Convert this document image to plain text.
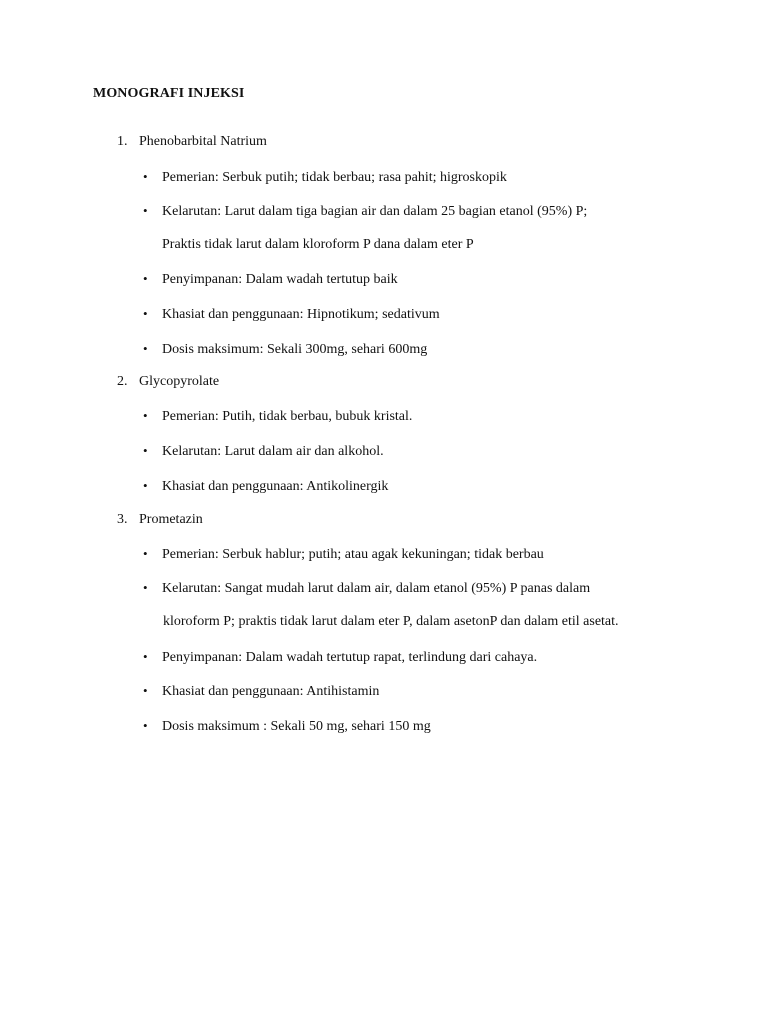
MONOGRAFI INJEKSI
1. Phenobarbital Natrium
• Pemerian: Serbuk putih; tidak berbau; rasa pahit; higroskopik
• Kelarutan: Larut dalam tiga bagian air dan dalam 25 bagian etanol (95%) P;
Praktis tidak larut dalam kloroform P dana dalam eter P
• Penyimpanan: Dalam wadah tertutup baik
• Khasiat dan penggunaan: Hipnotikum; sedativum
• Dosis maksimum: Sekali 300mg, sehari 600mg
2. Glycopyrolate
• Pemerian: Putih, tidak berbau, bubuk kristal.
• Kelarutan: Larut dalam air dan alkohol.
• Khasiat dan penggunaan: Antikolinergik
3. Prometazin
• Pemerian: Serbuk hablur; putih; atau agak kekuningan; tidak berbau
• Kelarutan: Sangat mudah larut dalam air, dalam etanol (95%) P panas dalam
kloroform P; praktis tidak larut dalam eter P, dalam asetonP dan dalam etil asetat.
• Penyimpanan: Dalam wadah tertutup rapat, terlindung dari cahaya.
• Khasiat dan penggunaan: Antihistamin
• Dosis maksimum : Sekali 50 mg, sehari 150 mg
